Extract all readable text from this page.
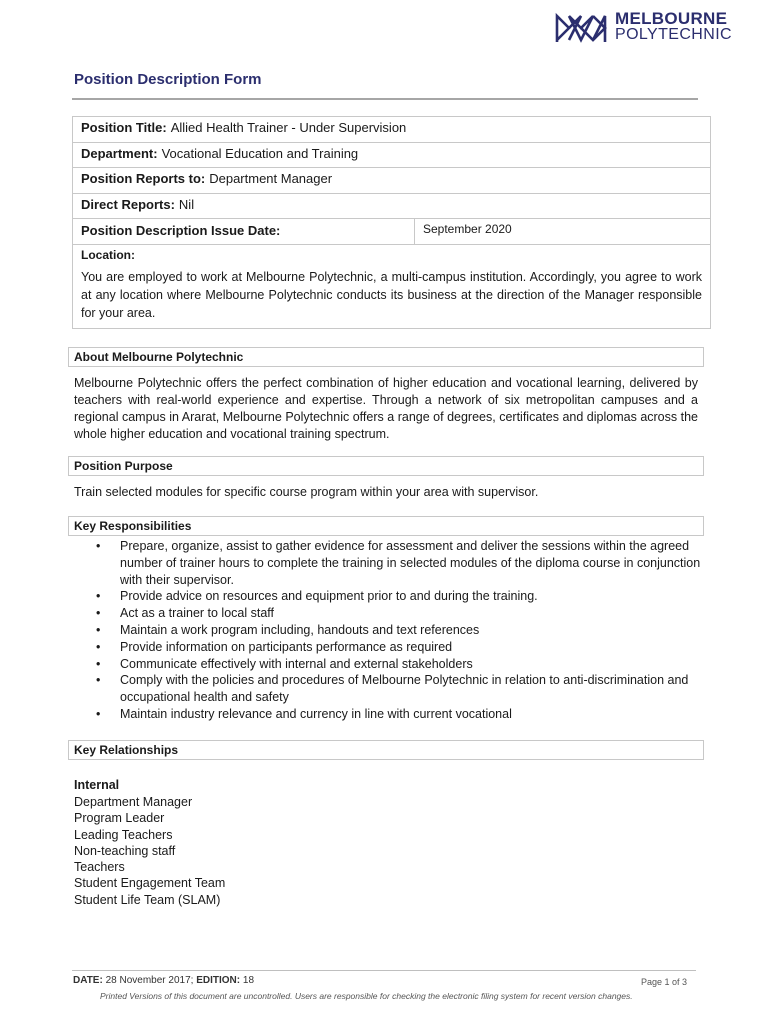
MELBOURNE
POLYTECHNIC
Position Description Form
Position Title: Allied Health Trainer - Under Supervision
Department: Vocational Education and Training
Position Reports to: Department Manager
Direct Reports: Nil
Position Description Issue Date:	September 2020
Location:

You are employed to work at Melbourne Polytechnic, a multi-campus institution. Accordingly, you agree to work at any location where Melbourne Polytechnic conducts its business at the direction of the Manager responsible for your area.

About Melbourne Polytechnic

Melbourne Polytechnic offers the perfect combination of higher education and vocational learning, delivered by teachers with real-world experience and expertise. Through a network of six metropolitan campuses and a regional campus in Ararat, Melbourne Polytechnic offers a range of degrees, certificates and diplomas across the whole higher education and vocational training spectrum.

Position Purpose

Train selected modules for specific course program within your area with supervisor.

Key Responsibilities
• Prepare, organize, assist to gather evidence for assessment and deliver the sessions within the agreed number of trainer hours to complete the training in selected modules of the diploma course in conjunction with their supervisor.
• Provide advice on resources and equipment prior to and during the training.
• Act as a trainer to local staff
• Maintain a work program including, handouts and text references
• Provide information on participants performance as required
• Communicate effectively with internal and external stakeholders
• Comply with the policies and procedures of Melbourne Polytechnic in relation to anti-discrimination and occupational health and safety
• Maintain industry relevance and currency in line with current vocational
Key Relationships
Internal
Department Manager
Program Leader
Leading Teachers
Non-teaching staff
Teachers
Student Engagement Team
Student Life Team (SLAM)
DATE: 28 November 2017; EDITION: 18	Page 1 of 3
Printed Versions of this document are uncontrolled. Users are responsible for checking the electronic filing system for recent version changes.
